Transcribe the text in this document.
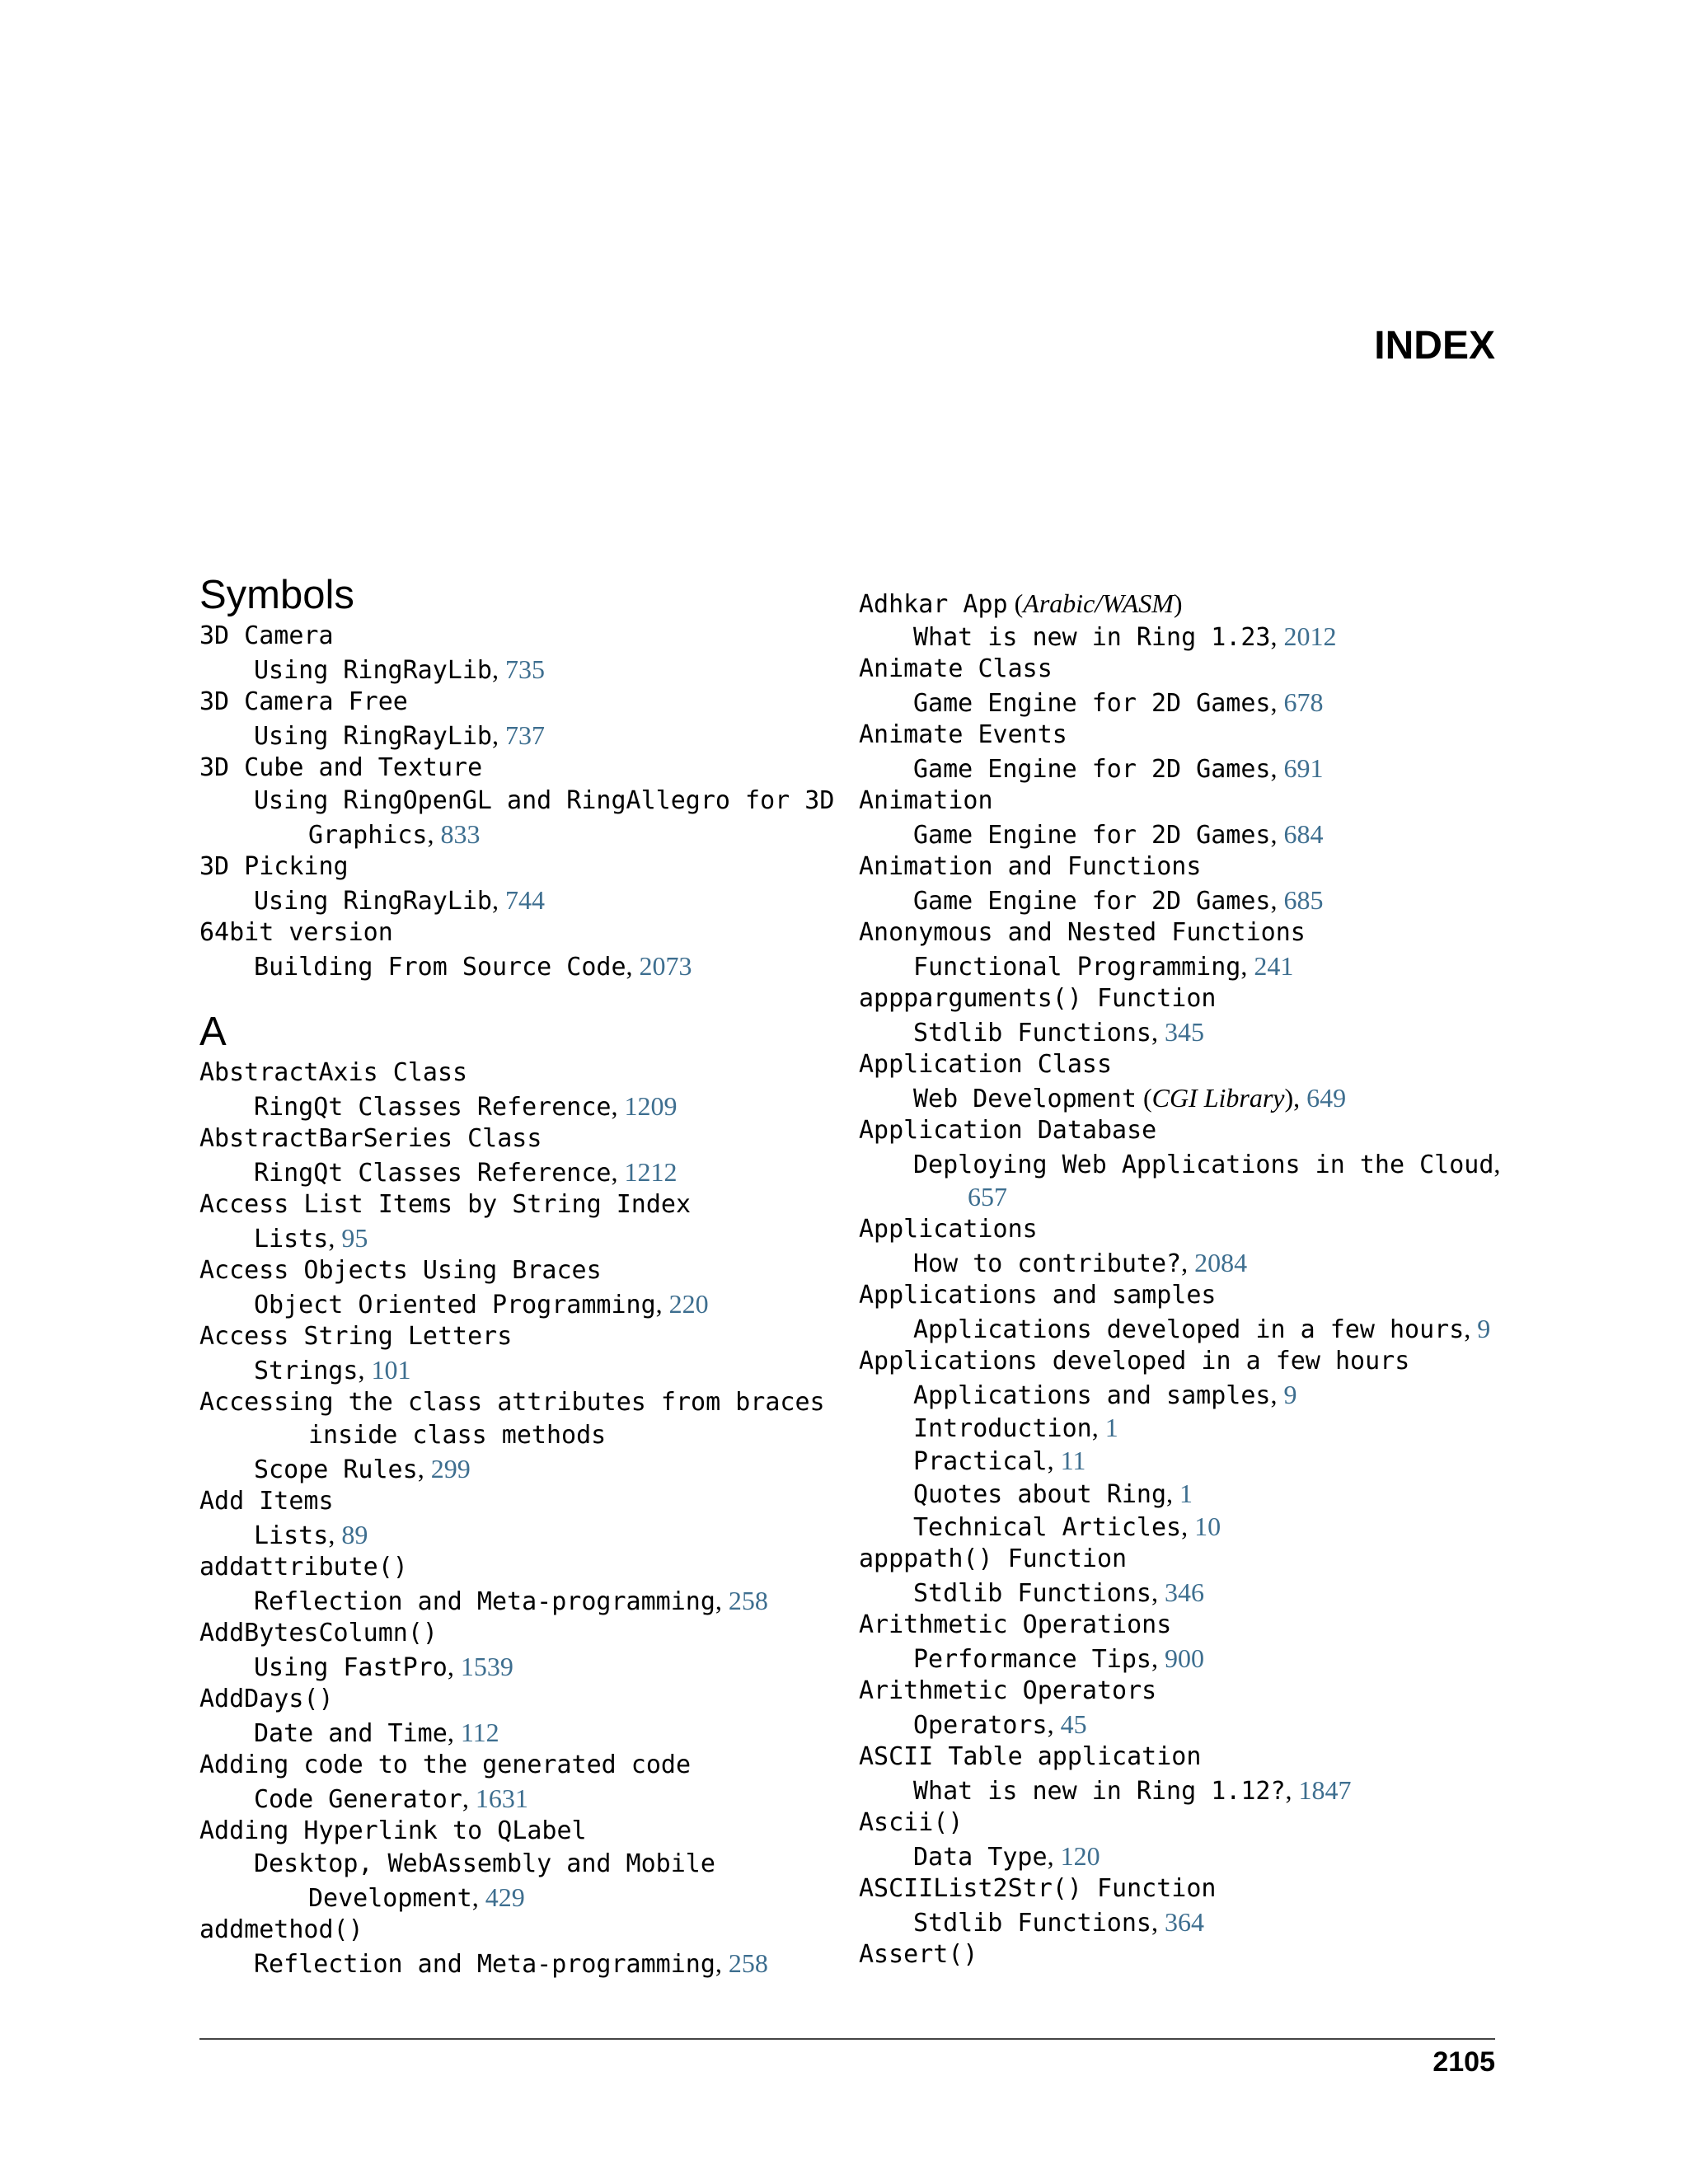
INDEX
Symbols
3D Camera
Using RingRayLib, 735
3D Camera Free
Using RingRayLib, 737
3D Cube and Texture
Using RingOpenGL and RingAllegro for 3D
Graphics, 833
3D Picking
Using RingRayLib, 744
64bit version
Building From Source Code, 2073
A
AbstractAxis Class
RingQt Classes Reference, 1209
AbstractBarSeries Class
RingQt Classes Reference, 1212
Access List Items by String Index
Lists, 95
Access Objects Using Braces
Object Oriented Programming, 220
Access String Letters
Strings, 101
Accessing the class attributes from braces
inside class methods
Scope Rules, 299
Add Items
Lists, 89
addattribute()
Reflection and Meta-programming, 258
AddBytesColumn()
Using FastPro, 1539
AddDays()
Date and Time, 112
Adding code to the generated code
Code Generator, 1631
Adding Hyperlink to QLabel
Desktop, WebAssembly and Mobile
Development, 429
addmethod()
Reflection and Meta-programming, 258
Adhkar App (Arabic/WASM)
What is new in Ring 1.23, 2012
Animate Class
Game Engine for 2D Games, 678
Animate Events
Game Engine for 2D Games, 691
Animation
Game Engine for 2D Games, 684
Animation and Functions
Game Engine for 2D Games, 685
Anonymous and Nested Functions
Functional Programming, 241
appparguments() Function
Stdlib Functions, 345
Application Class
Web Development (CGI Library), 649
Application Database
Deploying Web Applications in the Cloud,
657
Applications
How to contribute?, 2084
Applications and samples
Applications developed in a few hours, 9
Applications developed in a few hours
Applications and samples, 9
Introduction, 1
Practical, 11
Quotes about Ring, 1
Technical Articles, 10
apppath() Function
Stdlib Functions, 346
Arithmetic Operations
Performance Tips, 900
Arithmetic Operators
Operators, 45
ASCII Table application
What is new in Ring 1.12?, 1847
Ascii()
Data Type, 120
ASCIIList2Str() Function
Stdlib Functions, 364
Assert()
2105
